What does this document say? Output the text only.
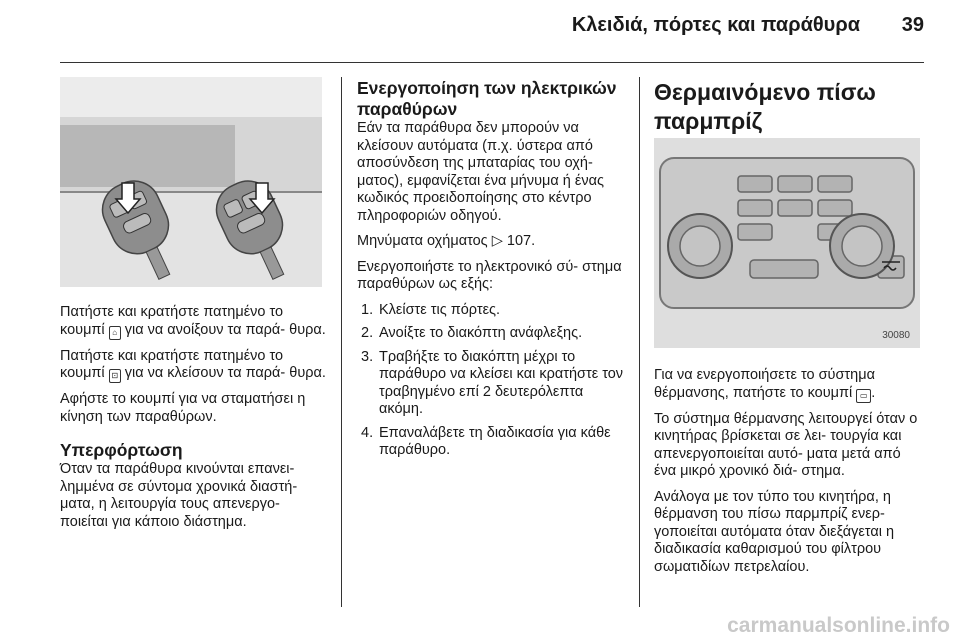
Κλειδιά, πόρτες και παράθυρα	39

Πατήστε και κρατήστε πατημένο το κουμπί ⌂ για να ανοίξουν τα παρά- θυρα.

Πατήστε και κρατήστε πατημένο το κουμπί ⊡ για να κλείσουν τα παρά- θυρα.

Αφήστε το κουμπί για να σταματήσει η κίνηση των παραθύρων.

Υπερφόρτωση

Όταν τα παράθυρα κινούνται επανει- λημμένα σε σύντομα χρονικά διαστή- ματα, η λειτουργία τους απενεργο- ποιείται για κάποιο διάστημα.

Ενεργοποίηση των ηλεκτρικών παραθύρων

Εάν τα παράθυρα δεν μπορούν να κλείσουν αυτόματα (π.χ. ύστερα από αποσύνδεση της μπαταρίας του οχή- ματος), εμφανίζεται ένα μήνυμα ή ένας κωδικός προειδοποίησης στο κέντρο πληροφοριών οδηγού.

Μηνύματα οχήματος ▷ 107.

Ενεργοποιήστε το ηλεκτρονικό σύ- στημα παραθύρων ως εξής:

1. Κλείστε τις πόρτες.
2. Ανοίξτε το διακόπτη ανάφλεξης.
3. Τραβήξτε το διακόπτη μέχρι το παράθυρο να κλείσει και κρατήστε τον τραβηγμένο επί 2 δευτερόλεπτα ακόμη.
4. Επαναλάβετε τη διαδικασία για κάθε παράθυρο.
Θερμαινόμενο πίσω παρμπρίζ
30080

Για να ενεργοποιήσετε το σύστημα θέρμανσης, πατήστε το κουμπί ▭ .

Το σύστημα θέρμανσης λειτουργεί όταν ο κινητήρας βρίσκεται σε λει- τουργία και απενεργοποιείται αυτό- ματα μετά από ένα μικρό χρονικό διά- στημα.

Ανάλογα με τον τύπο του κινητήρα, η θέρμανση του πίσω παρμπρίζ ενερ- γοποιείται αυτόματα όταν διεξάγεται η διαδικασία καθαρισμού του φίλτρου σωματιδίων πετρελαίου.

carmanualsonline.info
